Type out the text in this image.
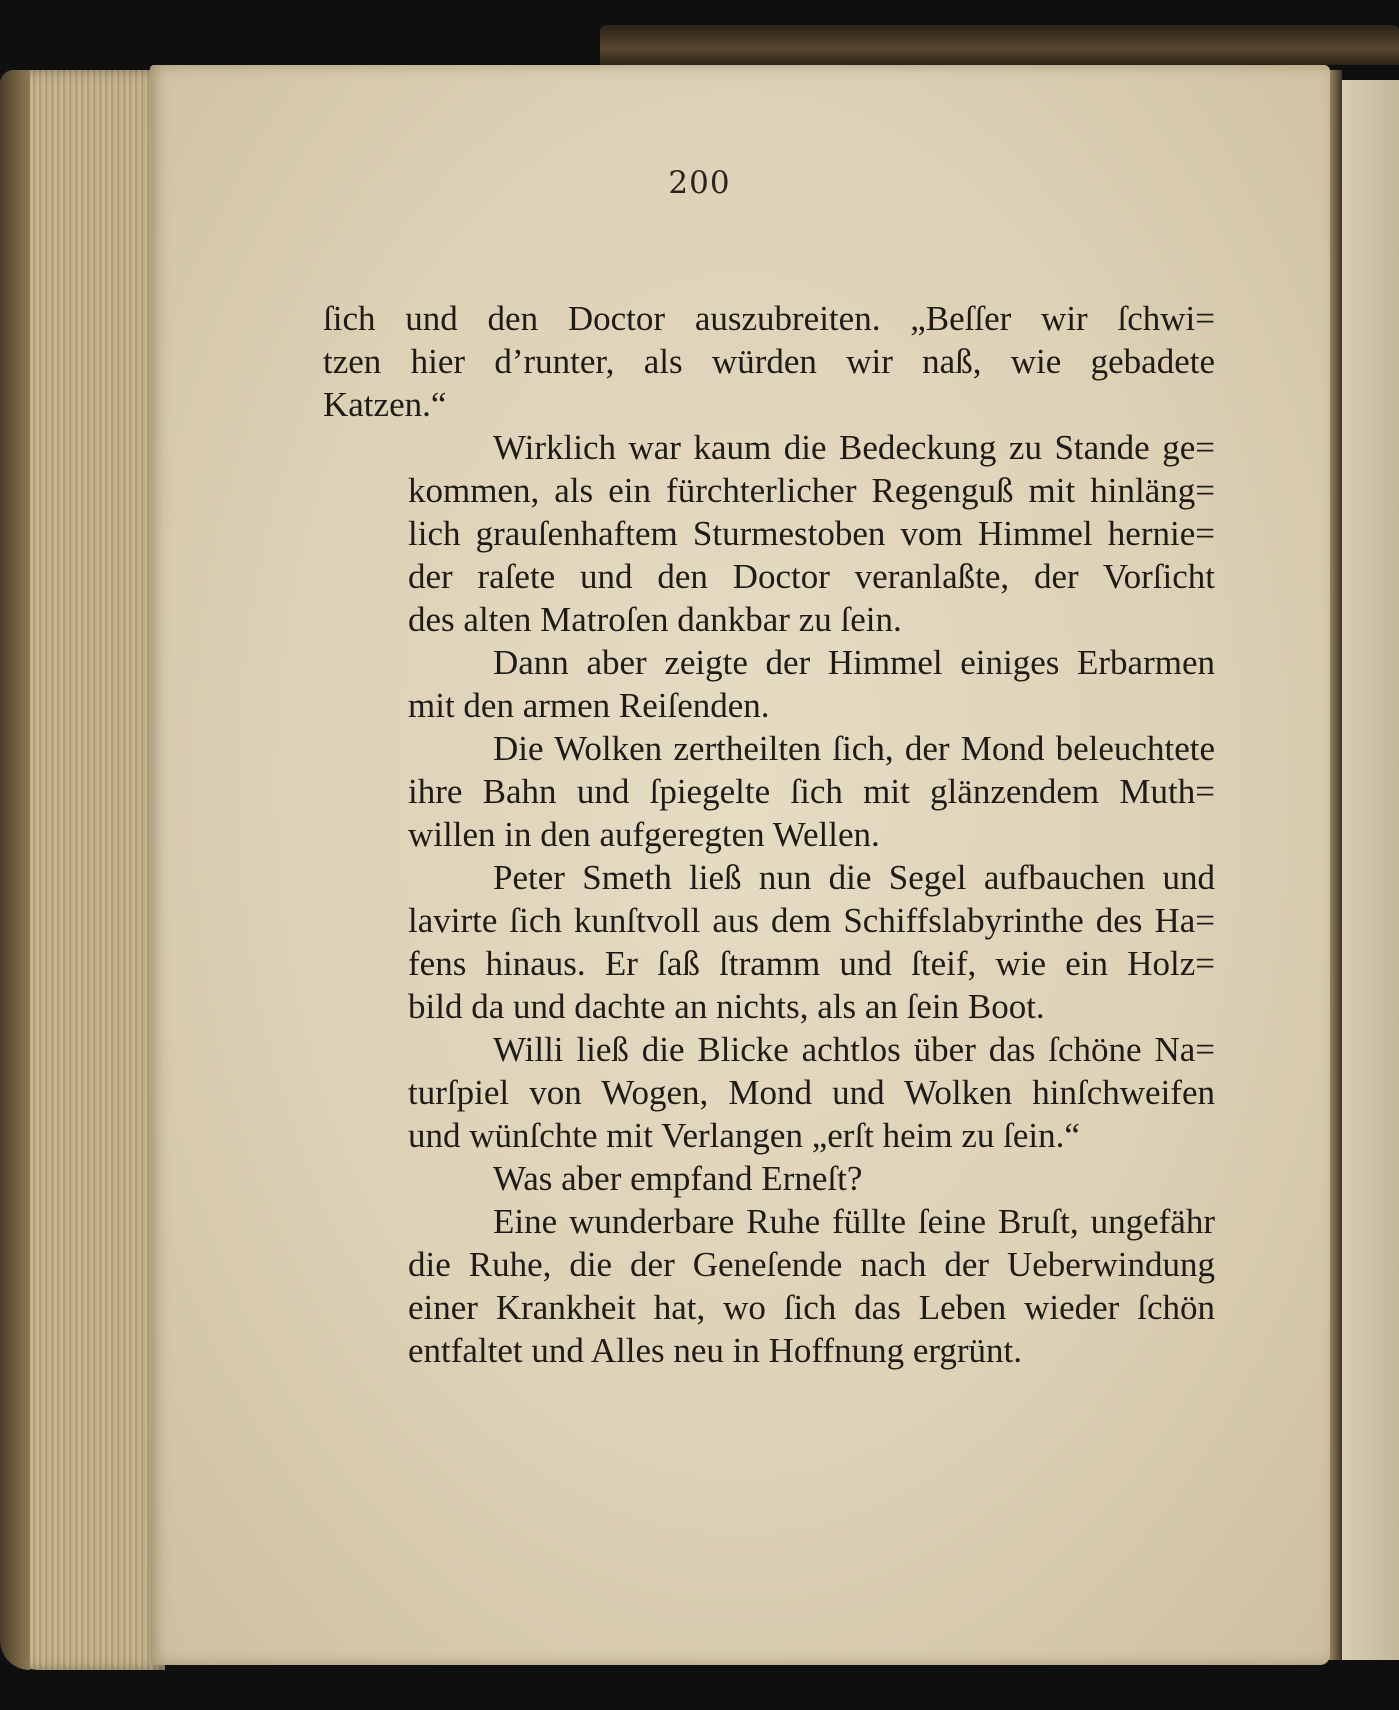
200

ſich und den Doctor auszubreiten. „Beſſer wir ſchwi=
tzen hier d’runter, als würden wir naß, wie gebadete
Katzen.“

Wirklich war kaum die Bedeckung zu Stande ge=
kommen, als ein fürchterlicher Regenguß mit hinläng=
lich grauſenhaftem Sturmestoben vom Himmel hernie=
der raſete und den Doctor veranlaßte, der Vorſicht
des alten Matroſen dankbar zu ſein.

Dann aber zeigte der Himmel einiges Erbarmen
mit den armen Reiſenden.

Die Wolken zertheilten ſich, der Mond beleuchtete
ihre Bahn und ſpiegelte ſich mit glänzendem Muth=
willen in den aufgeregten Wellen.

Peter Smeth ließ nun die Segel aufbauchen und
lavirte ſich kunſtvoll aus dem Schiffslabyrinthe des Ha=
fens hinaus. Er ſaß ſtramm und ſteif, wie ein Holz=
bild da und dachte an nichts, als an ſein Boot.

Willi ließ die Blicke achtlos über das ſchöne Na=
turſpiel von Wogen, Mond und Wolken hinſchweifen
und wünſchte mit Verlangen „erſt heim zu ſein.“

Was aber empfand Erneſt?

Eine wunderbare Ruhe füllte ſeine Bruſt, ungefähr
die Ruhe, die der Geneſende nach der Ueberwindung
einer Krankheit hat, wo ſich das Leben wieder ſchön
entfaltet und Alles neu in Hoffnung ergrünt.
